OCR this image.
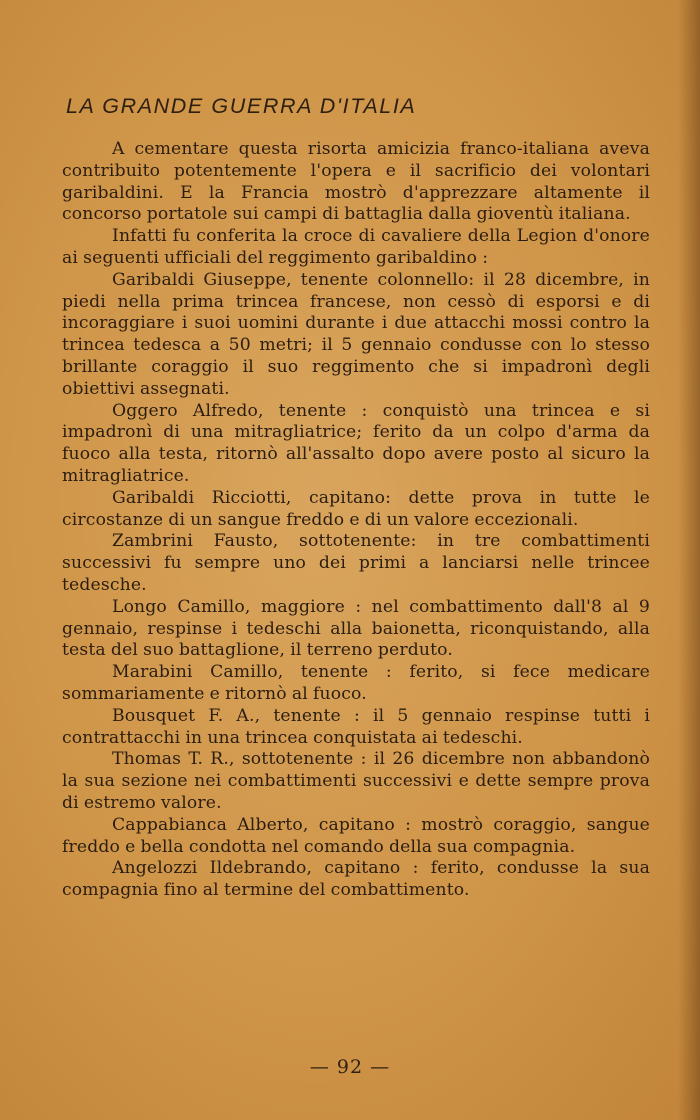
LA GRANDE GUERRA D'ITALIA

A cementare questa risorta amicizia franco-italiana aveva contribuito potentemente l'opera e il sacrificio dei volontari garibaldini. E la Francia mostrò d'apprezzare altamente il concorso portatole sui campi di battaglia dalla gioventù italiana.

Infatti fu conferita la croce di cavaliere della Legion d'onore ai seguenti ufficiali del reggimento garibaldino :

Garibaldi Giuseppe, tenente colonnello: il 28 dicembre, in piedi nella prima trincea francese, non cessò di esporsi e di incoraggiare i suoi uomini durante i due attacchi mossi contro la trincea tedesca a 50 metri; il 5 gennaio condusse con lo stesso brillante coraggio il suo reggimento che si impadronì degli obiettivi assegnati.

Oggero Alfredo, tenente : conquistò una trincea e si impadronì di una mitragliatrice; ferito da un colpo d'arma da fuoco alla testa, ritornò all'assalto dopo avere posto al sicuro la mitragliatrice.

Garibaldi Ricciotti, capitano: dette prova in tutte le circostanze di un sangue freddo e di un valore eccezionali.

Zambrini Fausto, sottotenente: in tre combattimenti successivi fu sempre uno dei primi a lanciarsi nelle trincee tedesche.

Longo Camillo, maggiore : nel combattimento dall'8 al 9 gennaio, respinse i tedeschi alla baionetta, riconquistando, alla testa del suo battaglione, il terreno perduto.

Marabini Camillo, tenente : ferito, si fece medicare sommariamente e ritornò al fuoco.

Bousquet F. A., tenente : il 5 gennaio respinse tutti i contrattacchi in una trincea conquistata ai tedeschi.

Thomas T. R., sottotenente : il 26 dicembre non abbandonò la sua sezione nei combattimenti successivi e dette sempre prova di estremo valore.

Cappabianca Alberto, capitano : mostrò coraggio, sangue freddo e bella condotta nel comando della sua compagnia.

Angelozzi Ildebrando, capitano : ferito, condusse la sua compagnia fino al termine del combattimento.

— 92 —
